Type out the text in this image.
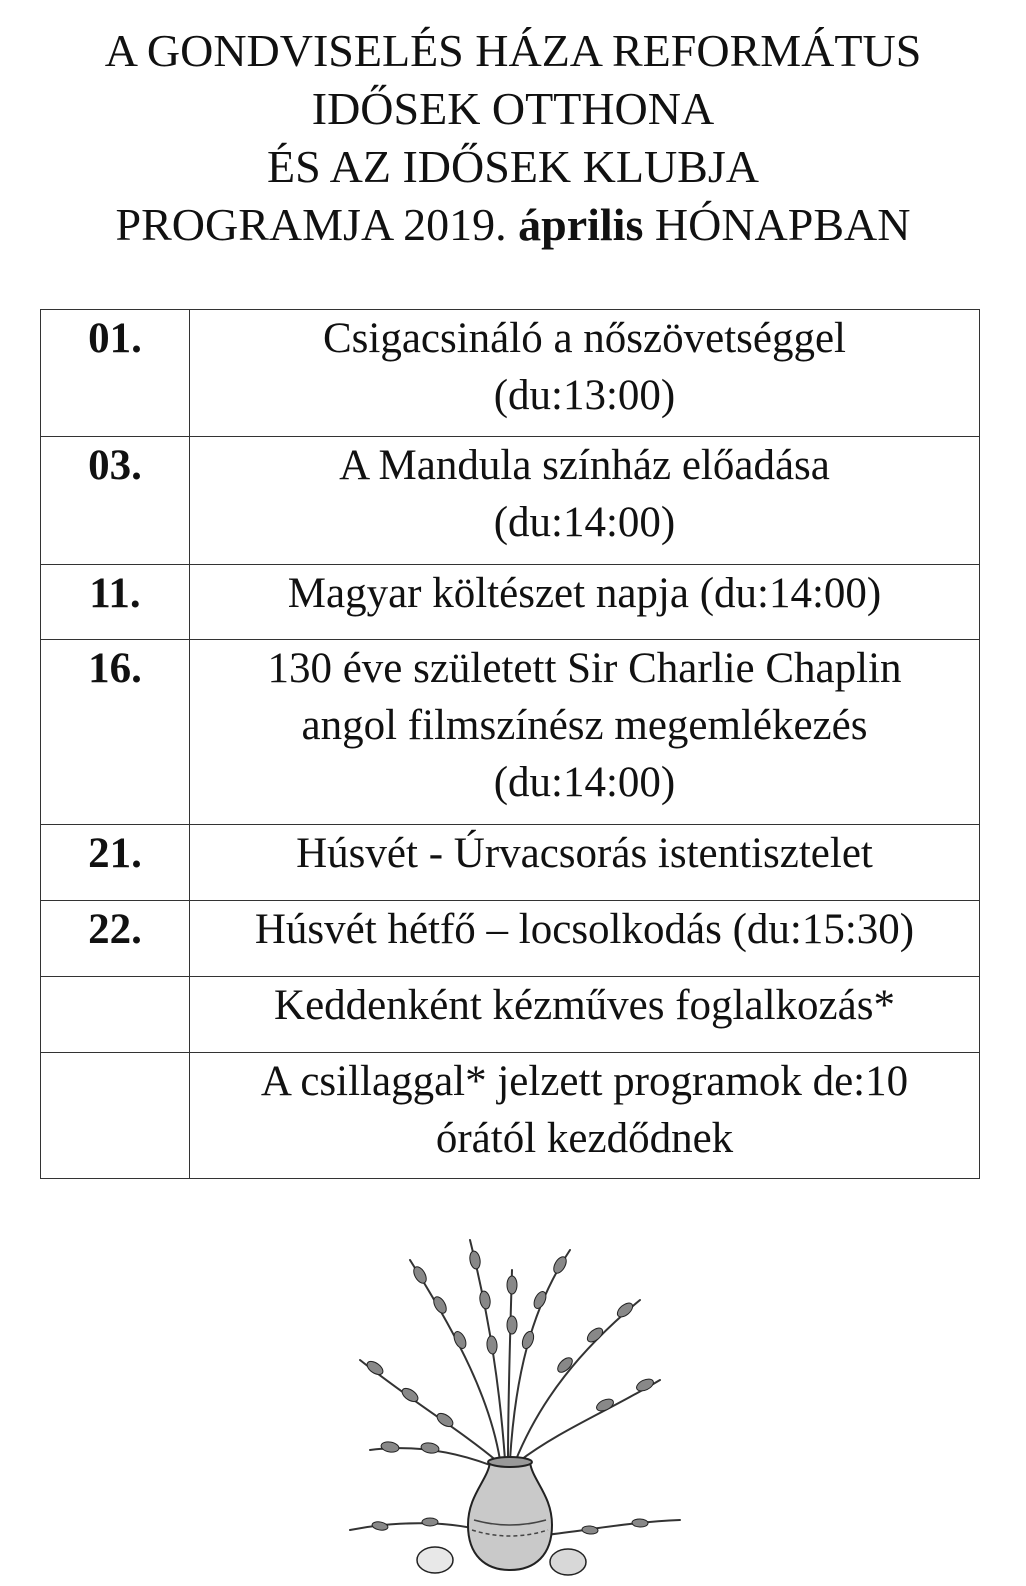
A GONDVISELÉS HÁZA REFORMÁTUS
IDŐSEK OTTHONA
ÉS AZ IDŐSEK KLUBJA
PROGRAMJA 2019. április HÓNAPBAN
01.	Csigacsináló a nőszövetséggel
(du:13:00)

03.	A Mandula színház előadása
(du:14:00)

11.	Magyar költészet napja (du:14:00)

16.	130 éve született Sir Charlie Chaplin
angol filmszínész megemlékezés
(du:14:00)

21.	Húsvét - Úrvacsorás istentisztelet

22.	Húsvét hétfő – locsolkodás (du:15:30)

	Keddenként kézműves foglalkozás*

	A csillaggal* jelzett programok de:10
órától kezdődnek
